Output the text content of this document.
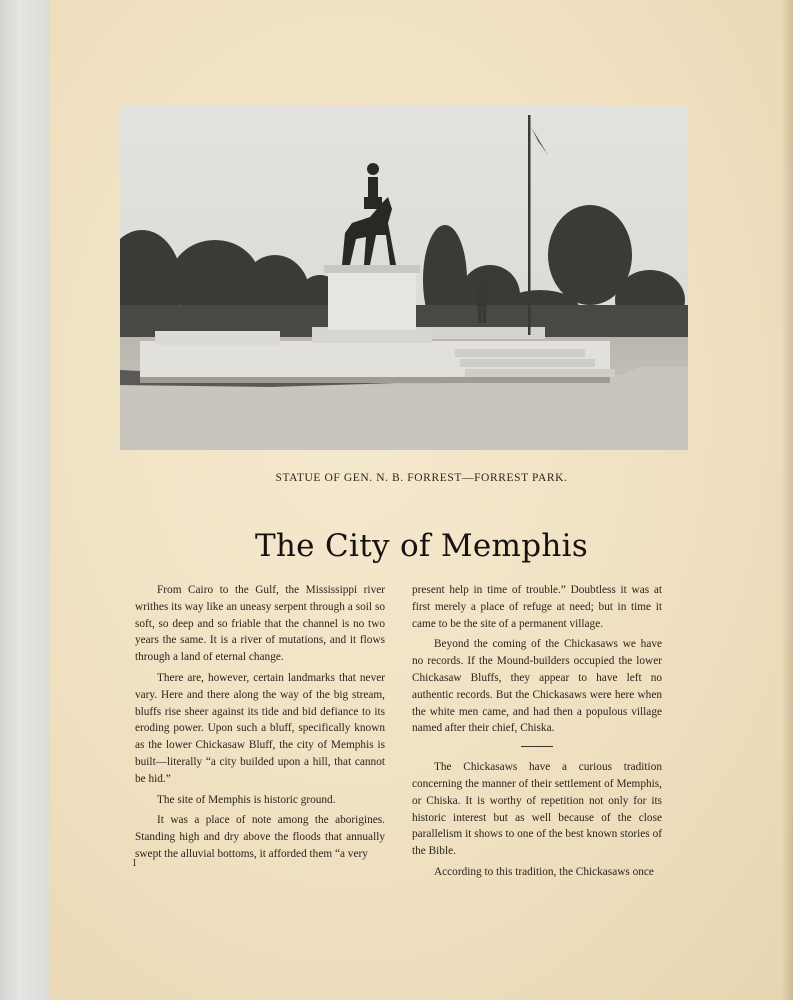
STATUE OF GEN. N. B. FORREST—FORREST PARK.
The City of Memphis

From Cairo to the Gulf, the Mississippi river writhes its way like an uneasy serpent through a soil so soft, so deep and so friable that the channel is no two years the same. It is a river of mutations, and it flows through a land of eternal change.

There are, however, certain landmarks that never vary. Here and there along the way of the big stream, bluffs rise sheer against its tide and bid defiance to its eroding power. Upon such a bluff, specifically known as the lower Chickasaw Bluff, the city of Memphis is built—literally “a city builded upon a hill, that cannot be hid.”

The site of Memphis is historic ground.

It was a place of note among the aborigines. Standing high and dry above the floods that annually swept the alluvial bottoms, it afforded them “a very

present help in time of trouble.” Doubtless it was at first merely a place of refuge at need; but in time it came to be the site of a permanent village.

Beyond the coming of the Chickasaws we have no records. If the Mound-builders occupied the lower Chickasaw Bluffs, they appear to have left no authentic records. But the Chickasaws were here when the white men came, and had then a populous village named after their chief, Chiska.

The Chickasaws have a curious tradition concerning the manner of their settlement of Memphis, or Chiska. It is worthy of repetition not only for its historic interest but as well because of the close parallelism it shows to one of the best known stories of the Bible.

According to this tradition, the Chickasaws once

1
